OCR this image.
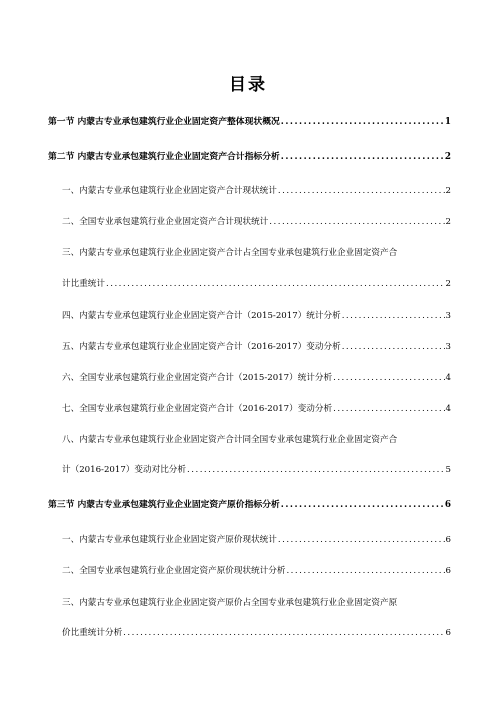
目录
第一节 内蒙古专业承包建筑行业企业固定资产整体现状概况 .....	1
第二节 内蒙古专业承包建筑行业企业固定资产合计指标分析 .....	2
一、内蒙古专业承包建筑行业企业固定资产合计现状统计 .....	2
二、全国专业承包建筑行业企业固定资产合计现状统计 .....	2
三、内蒙古专业承包建筑行业企业固定资产合计占全国专业承包建筑行业企业固定资产合
计比重统计 .....	2
四、内蒙古专业承包建筑行业企业固定资产合计（2015-2017）统计分析 .....	3
五、内蒙古专业承包建筑行业企业固定资产合计（2016-2017）变动分析 .....	3
六、全国专业承包建筑行业企业固定资产合计（2015-2017）统计分析 .....	4
七、全国专业承包建筑行业企业固定资产合计（2016-2017）变动分析 .....	4
八、内蒙古专业承包建筑行业企业固定资产合计同全国专业承包建筑行业企业固定资产合
计（2016-2017）变动对比分析 .....	5
第三节 内蒙古专业承包建筑行业企业固定资产原价指标分析 .....	6
一、内蒙古专业承包建筑行业企业固定资产原价现状统计 .....	6
二、全国专业承包建筑行业企业固定资产原价现状统计分析 .....	6
三、内蒙古专业承包建筑行业企业固定资产原价占全国专业承包建筑行业企业固定资产原
价比重统计分析 .....	6
